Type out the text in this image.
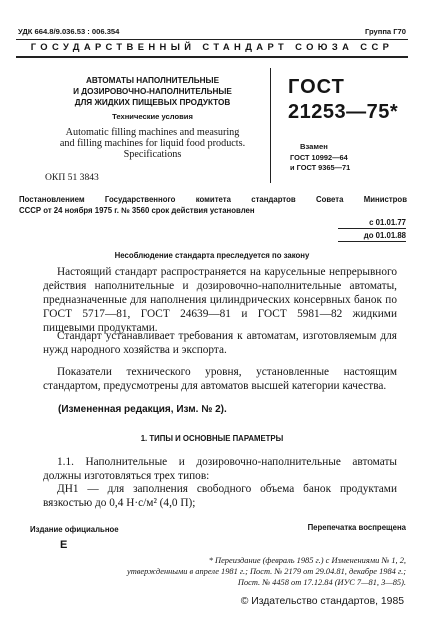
УДК 664.8/9.036.53 : 006.354	Группа Г70
ГОСУДАРСТВЕННЫЙ СТАНДАРТ СОЮЗА ССР
АВТОМАТЫ НАПОЛНИТЕЛЬНЫЕ
И ДОЗИРОВОЧНО-НАПОЛНИТЕЛЬНЫЕ
ДЛЯ ЖИДКИХ ПИЩЕВЫХ ПРОДУКТОВ
Технические условия
Automatic filling machines and measuring
and filling machines for liquid food products.
Specifications
ОКП 51 3843
ГОСТ
21253—75*
Взамен
ГОСТ 10992—64
и ГОСТ 9365—71
Постановлением Государственного комитета стандартов Совета Министров
СССР от 24 ноября 1975 г. № 3560 срок действия установлен
с 01.01.77
до 01.01.88
Несоблюдение стандарта преследуется по закону
Настоящий стандарт распространяется на карусельные непрерывного действия наполнительные и дозировочно-наполнительные автоматы, предназначенные для наполнения цилиндрических консервных банок по ГОСТ 5717—81, ГОСТ 24639—81 и ГОСТ 5981—82 жидкими пищевыми продуктами.
Стандарт устанавливает требования к автоматам, изготовляемым для нужд народного хозяйства и экспорта.
Показатели технического уровня, установленные настоящим стандартом, предусмотрены для автоматов высшей категории качества.
(Измененная редакция, Изм. № 2).
1. ТИПЫ И ОСНОВНЫЕ ПАРАМЕТРЫ
1.1. Наполнительные и дозировочно-наполнительные автоматы должны изготовляться трех типов:
ДН1 — для заполнения свободного объема банок продуктами вязкостью до 0,4 Н·с/м² (4,0 П);
Издание официальное	Перепечатка воспрещена
Е
* Переиздание (февраль 1985 г.) с Изменениями № 1, 2,
утвержденными в апреле 1981 г.; Пост. № 2179 от 29.04.81, декабре 1984 г.;
Пост. № 4458 от 17.12.84 (ИУС 7—81, 3—85).
© Издательство стандартов, 1985
